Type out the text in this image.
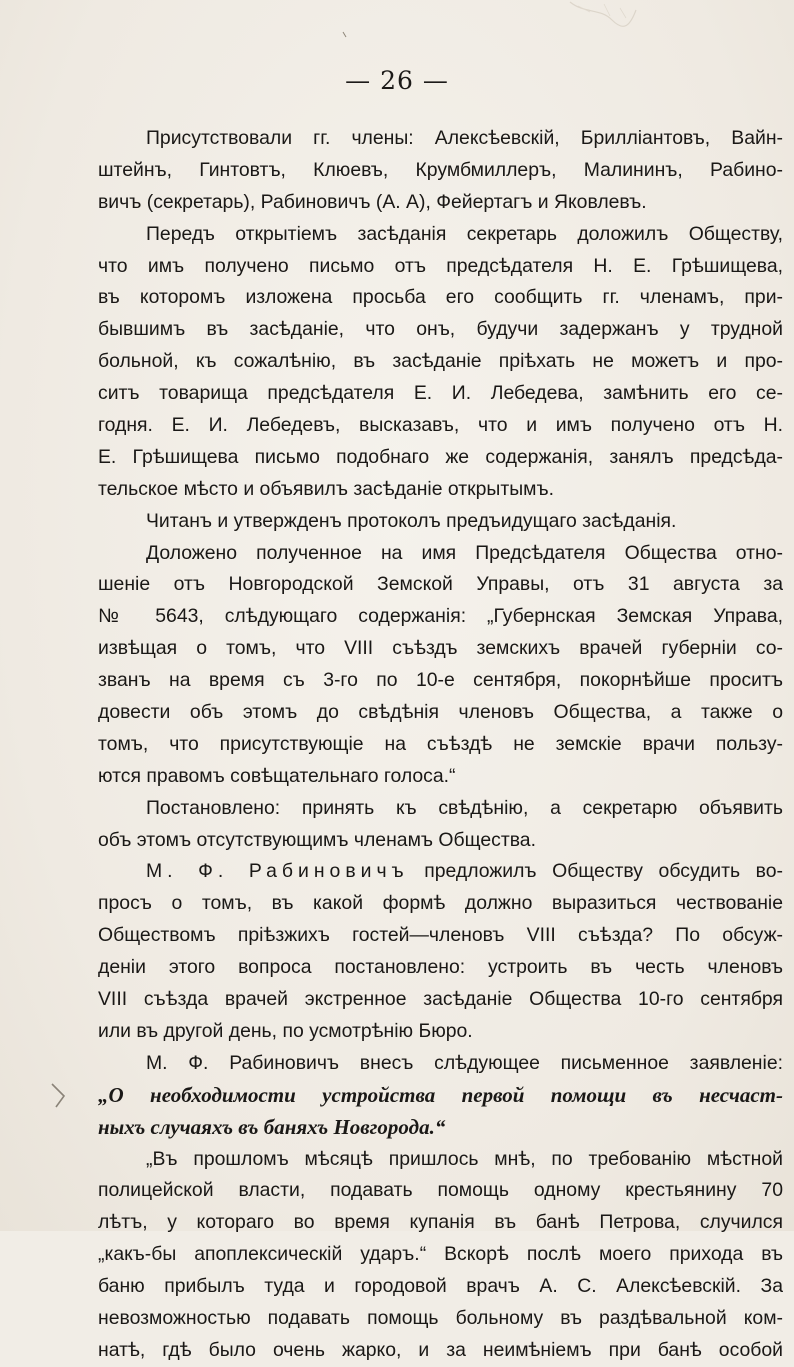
— 26 —
Присутствовали гг. члены: Алексѣевскій, Бриллiантовъ, Вайн-
штейнъ, Гинтовтъ, Клюевъ, Крумбмиллеръ, Малининъ, Рабино-
вичъ (секретарь), Рабиновичъ (А. А), Фейертагъ и Яковлевъ.
Передъ открытіемъ засѣданія секретарь доложилъ Обществу,
что имъ получено письмо отъ предсѣдателя Н. Е. Грѣшищева,
въ которомъ изложена просьба его сообщить гг. членамъ, при-
бывшимъ въ засѣданіе, что онъ, будучи задержанъ у трудной
больной, къ сожалѣнію, въ засѣданіе пріѣхать не можетъ и про-
ситъ товарища предсѣдателя Е. И. Лебедева, замѣнить его се-
годня. Е. И. Лебедевъ, высказавъ, что и имъ получено отъ Н.
Е. Грѣшищева письмо подобнаго же содержанія, занялъ предсѣда-
тельское мѣсто и объявилъ засѣданіе открытымъ.
Читанъ и утвержденъ протоколъ предъидущаго засѣданія.
Доложено полученное на имя Предсѣдателя Общества отно-
шеніе отъ Новгородской Земской Управы, отъ 31 августа за
№ 5643, слѣдующаго содержанія: „Губернская Земская Управа,
извѣщая о томъ, что VIII съѣздъ земскихъ врачей губерніи со-
званъ на время съ 3-го по 10-е сентября, покорнѣйше проситъ
довести объ этомъ до свѣдѣнія членовъ Общества, а также о
томъ, что присутствующіе на съѣздѣ не земскіе врачи пользу-
ются правомъ совѣщательнаго голоса.“
Постановлено: принять къ свѣдѣнію, а секретарю объявить
объ этомъ отсутствующимъ членамъ Общества.
М. Ф. Рабиновичъ предложилъ Обществу обсудить во-
просъ о томъ, въ какой формѣ должно выразиться чествованіе
Обществомъ пріѣзжихъ гостей—членовъ VIII съѣзда? По обсуж-
деніи этого вопроса постановлено: устроить въ честь членовъ
VIII съѣзда врачей экстренное засѣданіе Общества 10-го сентября
или въ другой день, по усмотрѣнію Бюро.
М. Ф. Рабиновичъ внесъ слѣдующее письменное заявленіе:
„О необходимости устройства первой помощи въ несчаст-
ныхъ случаяхъ въ баняхъ Новгорода.“
„Въ прошломъ мѣсяцѣ пришлось мнѣ, по требованію мѣстной
полицейской власти, подавать помощь одному крестьянину 70
лѣтъ, у котораго во время купанія въ банѣ Петрова, случился
„какъ-бы апоплексическій ударъ.“ Вскорѣ послѣ моего прихода въ
баню прибылъ туда и городовой врачъ А. С. Алексѣевскій. За
невозможностью подавать помощь больному въ раздѣвальной ком-
натѣ, гдѣ было очень жарко, и за неимѣніемъ при банѣ особой
